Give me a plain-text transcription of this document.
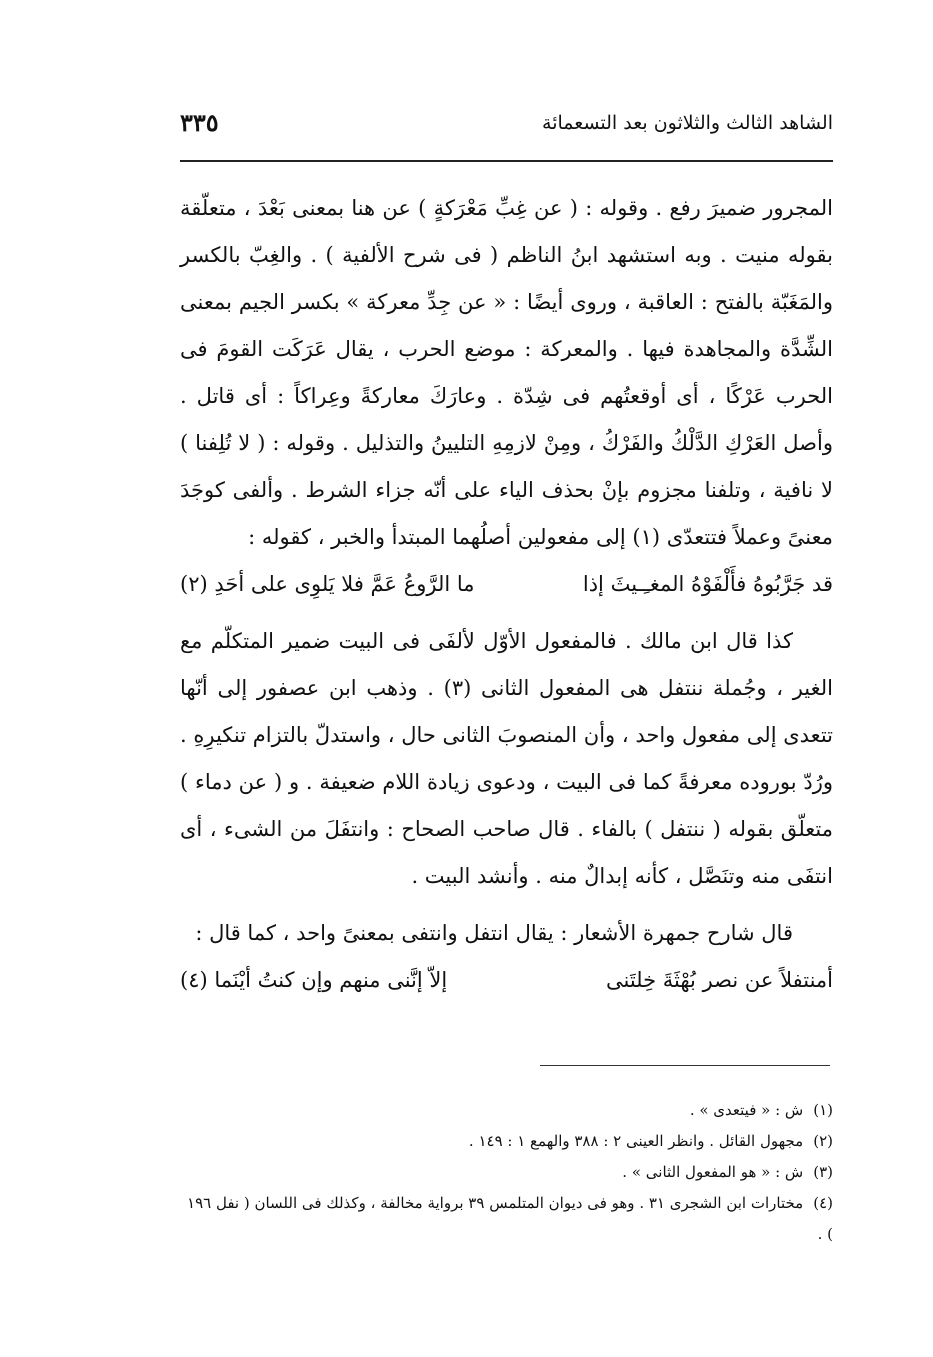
الشاهد الثالث والثلاثون بعد التسعمائة
٣٣٥

المجرور ضميرَ رفع . وقوله : ( عن غِبِّ مَعْرَكةٍ ) عن هنا بمعنى بَعْدَ ، متعلّقة بقوله منيت . وبه استشهد ابنُ الناظم ( فى شرح الألفية ) . والغِبّ بالكسر والمَغَبّة بالفتح : العاقبة ، وروى أيضًا : « عن جِدِّ معركة » بكسر الجيم بمعنى الشِّدَّة والمجاهدة فيها . والمعركة : موضع الحرب ، يقال عَرَكَت القومَ فى الحرب عَرْكًا ، أى أوقعتُهم فى شِدّة . وعارَكَ معاركةً وعِراكاً : أى قاتل . وأصل العَرْكِ الدَّلْكُ والفَرْكُ ، ومِنْ لازمِهِ التليينُ والتذليل . وقوله : ( لا تُلِفنا ) لا نافية ، وتلفنا مجزوم بإنْ بحذف الياء على أنّه جزاء الشرط . وألفى كوجَدَ معنىً وعملاً فتتعدّى (١) إلى مفعولين أصلُهما المبتدأ والخبر ، كقوله :

قد جَرَّبُوهُ فأَلْفَوْهُ المغـِـيثَ إذا
ما الرَّوعُ عَمَّ فلا يَلوِى على أحَدِ (٢)

كذا قال ابن مالك . فالمفعول الأوّل لألفَى فى البيت ضمير المتكلّم مع الغير ، وجُملة ننتفل هى المفعول الثانى (٣) . وذهب ابن عصفور إلى أنّها تتعدى إلى مفعول واحد ، وأن المنصوبَ الثانى حال ، واستدلّ بالتزام تنكيرِهِ . ورُدّ بوروده معرفةً كما فى البيت ، ودعوى زيادة اللام ضعيفة . و ( عن دماء ) متعلّق بقوله ( ننتفل ) بالفاء . قال صاحب الصحاح : وانتفَلَ من الشىء ، أى انتفَى منه وتنَصَّل ، كأنه إبدالٌ منه . وأنشد البيت .

قال شارح جمهرة الأشعار : يقال انتفل وانتفى بمعنىً واحد ، كما قال :

أمنتفلاً عن نصر بُهْثَةَ خِلتَنى
إلاّ إنَّنى منهم وإن كنتُ أيْنَما (٤)

(١)ش : « فيتعدى » .

(٢)مجهول القائل . وانظر العينى ٢ : ٣٨٨ والهمع ١ : ١٤٩ .

(٣)ش : « هو المفعول الثانى » .

(٤)مختارات ابن الشجرى ٣١ . وهو فى ديوان المتلمس ٣٩ برواية مخالفة ، وكذلك فى اللسان ( نفل ١٩٦ ) .
